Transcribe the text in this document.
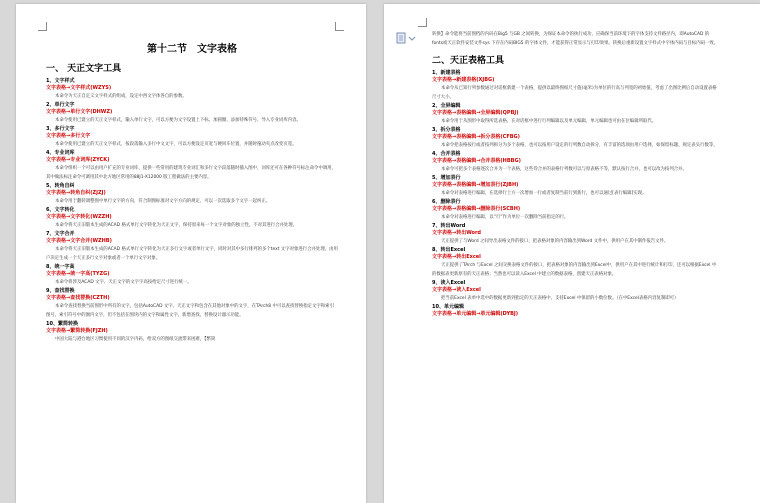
第十二节　文字表格
一、 天正文字工具
1、文字样式
文字表格→文字样式(WZYS)

本命令为天正自定义文字样式的组成，设定中西文字体各自的参数。

2、单行文字
文字表格→单行文字(DHWZ)

本命令使用已建立的天正文字样式，输入单行文字，可以方便为文字设置上下标、加圆圈、添加特殊符号、导入专业词库内容。

3、多行文字
文字表格→多行文字

本命令使用已建立的天正文字样式，按段落输入多行中文文字，可以方便设定页宽与硬回车位置，并随时拖动夹点改变页宽。

4、专业词库
文字表格→专业词库(ZYCK)

本命令组织一个可以由用户扩充的专业词库，提供一些常用的建筑专业词汇和多行文字段落随时插入图中，词库还可在各种符号标注命令中调用，其中做法标注命令可调用其中北方地区常用的88J1-X12000 版工程做法的主要内容。

5、转角自纠
文字表格→转角自纠(ZJZJ)

本命令用于翻转调整图中单行文字的方向，符合制图标准对文字方向的规定，可以一次选取多个文字一起纠正。

6、文字转化
文字表格→文字转化(WZZH)

本命令将天正旧版本生成的ACAD 格式单行文字转化为天正文字，保持原来每一个文字对象的独立性，不对其进行合并处理。

7、文字合并
文字表格→文字合并(WZHB)

本命令将天正旧版本生成的ACAD 格式单行文字转化为天正多行文字或者单行文字，同时对其中多行排列的多个text 文字对象进行合并处理，由用户决定生成一个天正多行文字对象或者一个单行文字对象。

8、统一字高
文字表格→统一字高(TYZG)

本命令将涉及ACAD 文字、天正文字的文字字高按给定尺寸进行统一。

9、查找替换
文字表格→查找替换(CZTH)

本命令查找替换当前图形中所有的文字，包括AutoCAD 文字、天正文字和包含在其他对象中的文字，在TArch8 中可以查找替换指定文字和索引图号、索引符号中的圈内文字，但不包括在图块内的文字和属性文字，新增查找、替换设计器示功能。

10、繁简转换
文字表格→繁简转换(FJZH)

中国大陆与港台地区习惯使用不同的汉字内码，给双方的图纸交流带来困难，【繁简

转换】命令能将当前图档的内码在Big5 与GB 之间转换，为保证本命令的执行成功，应确保当前环境下的字体支持文件路径内，即AutoCAD 的fonts或天正软件安装文件sys 下存在内码BIG5 的字体文件，才能获得正常显示与打印效果。转换后重新设置文字样式中字体内码与目标内码一致。

二、天正表格工具
1、新建表格
文字表格→新建表格(XJBG)

本命令从已知行列参数通过对话框新建一个表格，提供以最终图纸尺寸值(毫米)为单位的行高与列宽的初始值，考虑了出图比例后自动设置表格尺寸大小。

2、全屏编辑
文字表格→表格编辑→全屏编辑(QPBJ)

本命令用于从图形中取得所选表格，在对话框中进行行列编辑以及单元编辑，单元编辑也可由在位编辑所取代。

3、拆分表格
文字表格→表格编辑→拆分表格(CFBG)

本命令把表格按行或者按列拆分为多个表格，也可以按用户设定的行列数自动拆分，有丰富的选项由用户选择，如保留标题、规定表头行数等。

4、合并表格
文字表格→表格编辑→合并表格(HBBG)

本命令可把多个表格逐次合并为一个表格，这些待合并的表格行列数可以与原表格不等，默认按行合并，也可以改为按列合并。

5、增加表行
文字表格→表格编辑→增加表行(ZJBH)

本命令对表格进行编辑，在选择行上方一次增加一行或者复制当前行到新行，也可以通过[表行编辑]实现。

6、删除表行
文字表格→表格编辑→删除表行(SCBH)

本命令对表格进行编辑，以“行”作为单位一次删除当前指定的行。

7、转出Word
文字表格→转出Word

天正提供了与Word 之间导出表格文件的接口，把表格对象的内容输出到Word 文件中，供用户在其中制作报告文件。

8、转出Excel
文字表格→转出Excel

天正提供了TArch 与Excel 之间交换表格文件的接口，把表格对象的内容输出到Excel中，供用户在其中进行统计和打印，还可以根据Excel 中的数据表更新原有的天正表格；当然也可以读入Excel 中建立的数据表格，创建天正表格对象。

9、读入Excel
文字表格→读入Excel

把当前Excel 表单中选中的数据更新到指定的天正表格中，支持Excel 中保留的小数位数。（在中Excel表格内容复制即可）

10、单元编辑
文字表格→单元编辑→单元编辑(DYBJ)
